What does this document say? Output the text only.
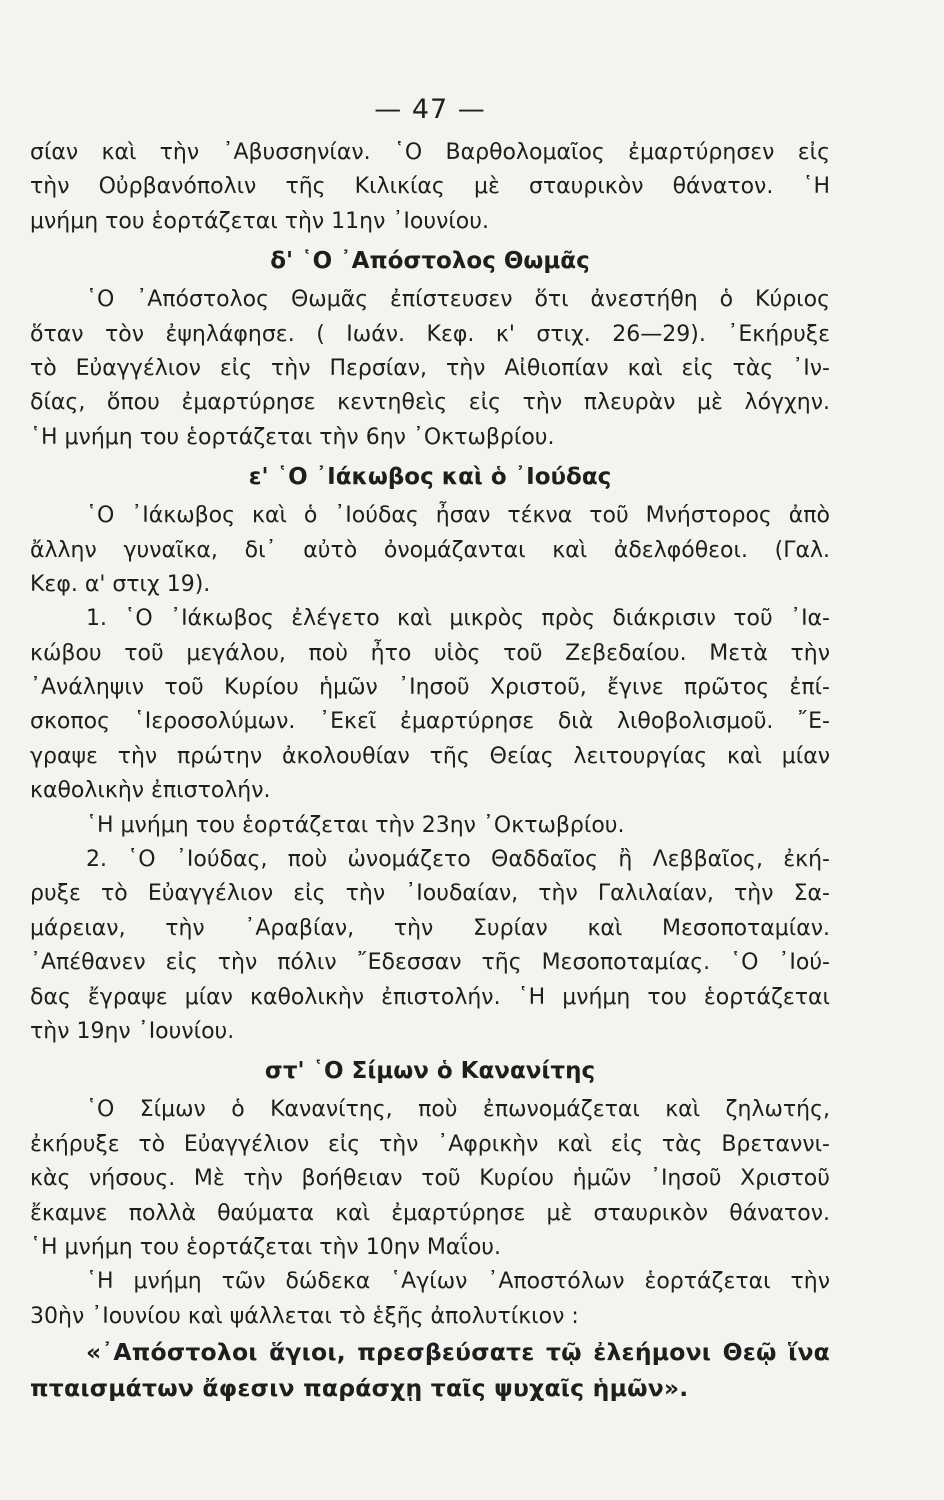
— 47 —
σίαν καὶ τὴν ᾿Αβυσσηνίαν. ῾Ο Βαρθολομαῖος ἐμαρτύρησεν εἰς
τὴν Οὐρβανόπολιν τῆς Κιλικίας μὲ σταυρικὸν θάνατον. ῾Η
μνήμη του ἑορτάζεται τὴν 11ην ᾿Ιουνίου.
δ' ῾Ο ᾿Απόστολος Θωμᾶς
῾Ο ᾿Απόστολος Θωμᾶς ἐπίστευσεν ὅτι ἀνεστήθη ὁ Κύριος
ὅταν τὸν ἐψηλάφησε. ( Ιωάν. Κεφ. κ' στιχ. 26—29). ᾿Εκήρυξε
τὸ Εὐαγγέλιον εἰς τὴν Περσίαν, τὴν Αἰθιοπίαν καὶ εἰς τὰς ᾿Ιν-
δίας, ὅπου ἐμαρτύρησε κεντηθεὶς εἰς τὴν πλευρὰν μὲ λόγχην.
῾Η μνήμη του ἑορτάζεται τὴν 6ην ᾿Οκτωβρίου.
ε' ῾Ο ᾿Ιάκωβος καὶ ὁ ᾿Ιούδας
῾Ο ᾿Ιάκωβος καὶ ὁ ᾿Ιούδας ἦσαν τέκνα τοῦ Μνήστορος ἀπὸ
ἄλλην γυναῖκα, δι᾿ αὐτὸ ὀνομάζανται καὶ ἀδελφόθεοι. (Γαλ.
Κεφ. α' στιχ 19).
1. ῾Ο ᾿Ιάκωβος ἐλέγετο καὶ μικρὸς πρὸς διάκρισιν τοῦ ᾿Ια-
κώβου τοῦ μεγάλου, ποὺ ἦτο υἱὸς τοῦ Ζεβεδαίου. Μετὰ τὴν
᾿Ανάληψιν τοῦ Κυρίου ἡμῶν ᾿Ιησοῦ Χριστοῦ, ἔγινε πρῶτος ἐπί-
σκοπος ῾Ιεροσολύμων. ᾿Εκεῖ ἐμαρτύρησε διὰ λιθοβολισμοῦ. ῎Ε-
γραψε τὴν πρώτην ἀκολουθίαν τῆς Θείας λειτουργίας καὶ μίαν
καθολικὴν ἐπιστολήν.
῾Η μνήμη του ἑορτάζεται τὴν 23ην ᾿Οκτωβρίου.
2. ῾Ο ᾿Ιούδας, ποὺ ὠνομάζετο Θαδδαῖος ἢ Λεββαῖος, ἐκή-
ρυξε τὸ Εὐαγγέλιον εἰς τὴν ᾿Ιουδαίαν, τὴν Γαλιλαίαν, τὴν Σα-
μάρειαν, τὴν ᾿Αραβίαν, τὴν Συρίαν καὶ Μεσοποταμίαν.
᾿Απέθανεν εἰς τὴν πόλιν ῎Εδεσσαν τῆς Μεσοποταμίας. ῾Ο ᾿Ιού-
δας ἔγραψε μίαν καθολικὴν ἐπιστολήν. ῾Η μνήμη του ἑορτάζεται
τὴν 19ην ᾿Ιουνίου.
στ' ῾Ο Σίμων ὁ Κανανίτης
῾Ο Σίμων ὁ Κανανίτης, ποὺ ἐπωνομάζεται καὶ ζηλωτής,
ἐκήρυξε τὸ Εὐαγγέλιον εἰς τὴν ᾿Αφρικὴν καὶ εἰς τὰς Βρεταννι-
κὰς νήσους. Μὲ τὴν βοήθειαν τοῦ Κυρίου ἡμῶν ᾿Ιησοῦ Χριστοῦ
ἔκαμνε πολλὰ θαύματα καὶ ἐμαρτύρησε μὲ σταυρικὸν θάνατον.
῾Η μνήμη του ἑορτάζεται τὴν 10ην Μαΐου.
῾Η μνήμη τῶν δώδεκα ῾Αγίων ᾿Αποστόλων ἑορτάζεται τὴν
30ὴν ᾿Ιουνίου καὶ ψάλλεται τὸ ἑξῆς ἀπολυτίκιον :
«᾿Απόστολοι ἅγιοι, πρεσβεύσατε τῷ ἐλεήμονι Θεῷ ἵνα
πταισμάτων ἄφεσιν παράσχῃ ταῖς ψυχαῖς ἡμῶν».
